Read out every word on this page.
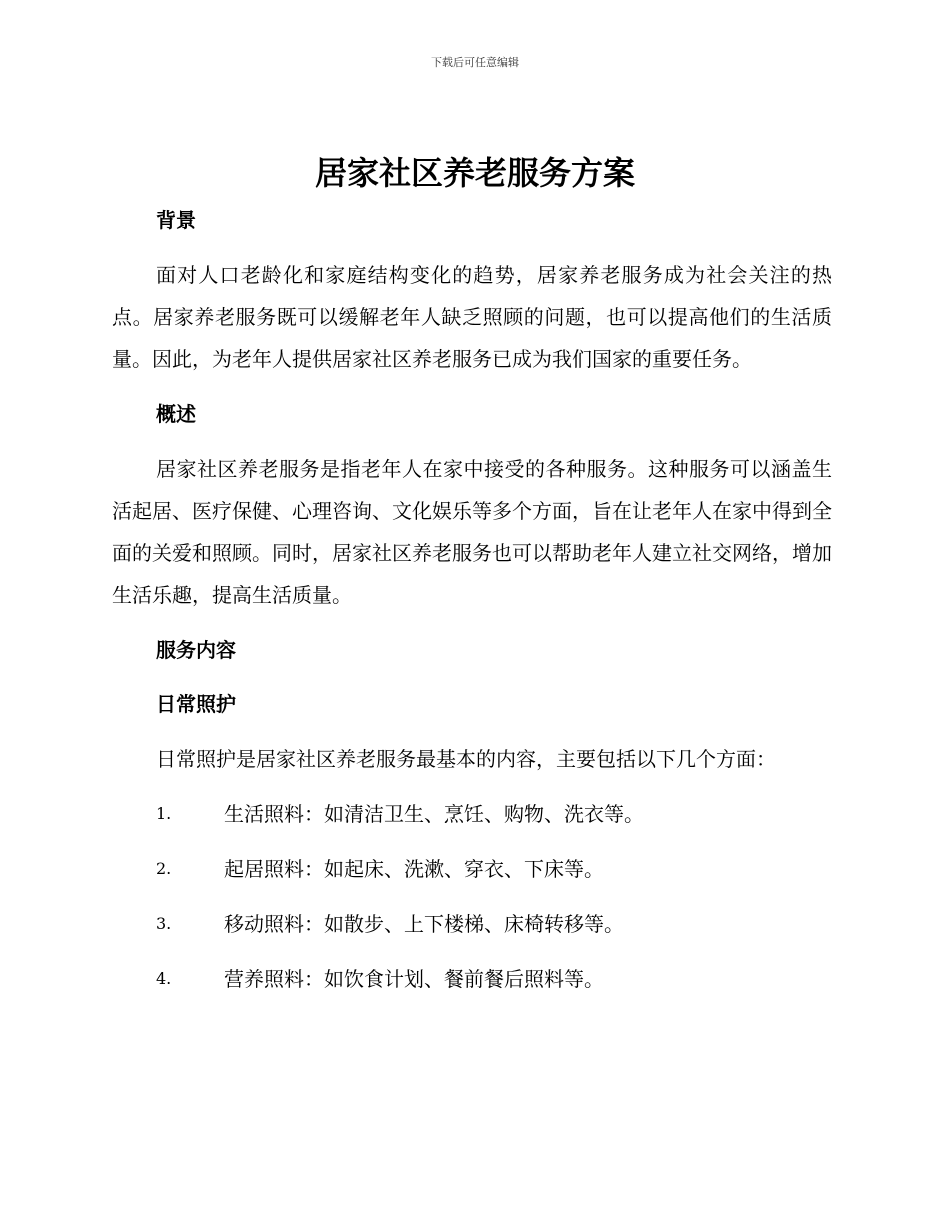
下载后可任意编辑
居家社区养老服务方案
背景

面对人口老龄化和家庭结构变化的趋势，居家养老服务成为社会关注的热点。居家养老服务既可以缓解老年人缺乏照顾的问题，也可以提高他们的生活质量。因此，为老年人提供居家社区养老服务已成为我们国家的重要任务。

概述

居家社区养老服务是指老年人在家中接受的各种服务。这种服务可以涵盖生活起居、医疗保健、心理咨询、文化娱乐等多个方面，旨在让老年人在家中得到全面的关爱和照顾。同时，居家社区养老服务也可以帮助老年人建立社交网络，增加生活乐趣，提高生活质量。

服务内容
日常照护

日常照护是居家社区养老服务最基本的内容，主要包括以下几个方面：

1.	生活照料：如清洁卫生、烹饪、购物、洗衣等。
2.	起居照料：如起床、洗漱、穿衣、下床等。
3.	移动照料：如散步、上下楼梯、床椅转移等。
4.	营养照料：如饮食计划、餐前餐后照料等。
